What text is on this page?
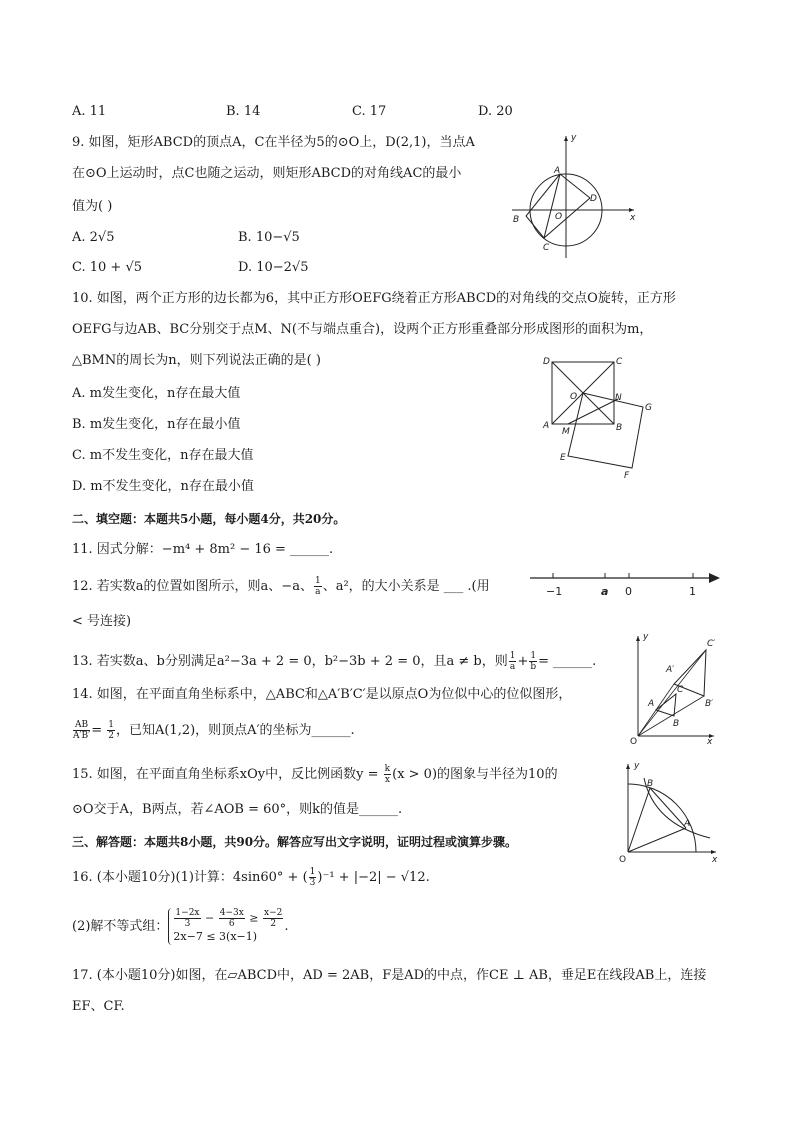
A. 11	B. 14	C. 17	D. 20
9. 如图，矩形ABCD的顶点A，C在半径为5的⊙O上，D(2,1)，当点A
在⊙O上运动时，点C也随之运动，则矩形ABCD的对角线AC的最小
值为( )
A. 2√5	B. 10−√5
C. 10 + √5	D. 10−2√5
y
x
A
B
C
D
O
10. 如图，两个正方形的边长都为6，其中正方形OEFG绕着正方形ABCD的对角线的交点O旋转，正方形
OEFG与边AB、BC分别交于点M、N(不与端点重合)，设两个正方形重叠部分形成图形的面积为m，
△BMN的周长为n，则下列说法正确的是( )
A. m发生变化，n存在最大值
B. m发生变化，n存在最小值
C. m不发生变化，n存在最大值
D. m不发生变化，n存在最小值
D	C
O	N
G
A
M	B
E
F
二、填空题：本题共5小题，每小题4分，共20分。
11. 因式分解：−m⁴ + 8m² − 16 = ______.
12. 若实数a的位置如图所示，则a、−a、 $\frac{1}{a}$ 、a²，的大小关系是 ___ .(用
< 号连接)
−1	a 0	1
13. 若实数a、b分别满足a²−3a + 2 = 0，b²−3b + 2 = 0，且a ≠ b，则 $\frac{1}{a} + \frac{1}{b}$ = ______.
y
x
O
A
B
C
A′
B′
C′
14. 如图，在平面直角坐标系中，△ABC和△A′B′C′是以原点O为位似中心的位似图形，
$\frac{AB}{A'B'} = \frac{1}{2}$ ，已知A(1,2)，则顶点A′的坐标为______.
15. 如图，在平面直角坐标系xOy中，反比例函数$y = \frac{k}{x} (x > 0)$的图象与半径为10的
⊙O交于A，B两点，若∠AOB = 60°，则k的值是______.
y
x
O
A
B
三、解答题：本题共8小题，共90分。解答应写出文字说明，证明过程或演算步骤。
16. (本小题10分)(1)计算：4sin60° + ( $\frac{1}{3} )^{-1} + |-2| - √12$.
(2)解不等式组： $\frac{1-2x}{3} - \frac{4-3x}{6} \ge \frac{x-2}{2}$
2x−7 ≤ 3(x−1)
.
17. (本小题10分)如图，在▱ABCD中，AD = 2AB，F是AD的中点，作CE ⊥ AB，垂足E在线段AB上，连接
EF、CF.
